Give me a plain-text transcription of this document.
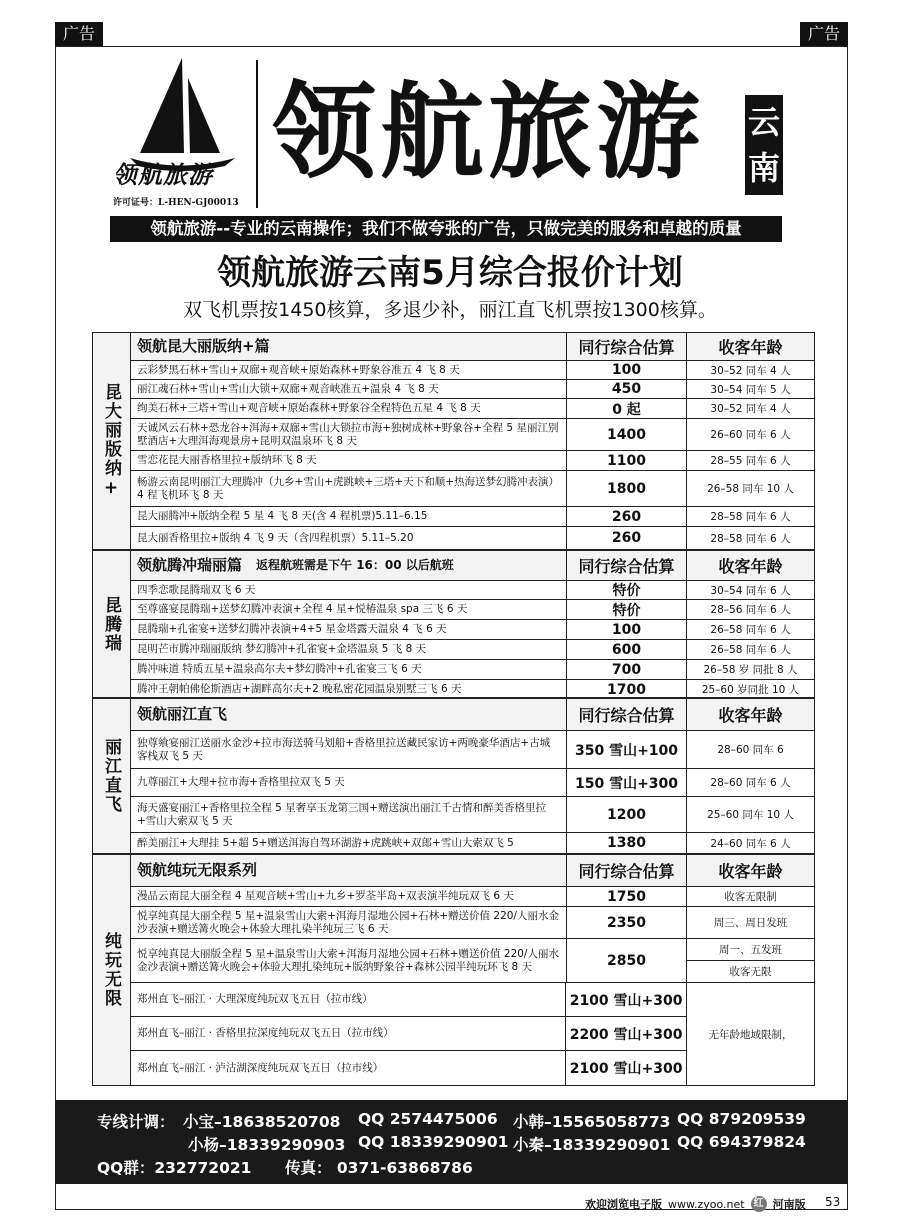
广告	广告
领航旅游
许可证号：L-HEN-GJ00013
领航旅游 云南
领航旅游--专业的云南操作；我们不做夸张的广告，只做完美的服务和卓越的质量
领航旅游云南5月综合报价计划
双飞机票按1450核算，多退少补，丽江直飞机票按1300核算。
昆大丽版纳+
领航昆大丽版纳+篇	同行综合估算	收客年龄
云彩梦黑石林+雪山+双廊+观音峡+原始森林+野象谷准五 4 飞 8 天	100	30–52 同车 4 人
丽江魂石林+雪山+雪山大锁+双廊+观音峡准五+温泉 4 飞 8 天	450	30–54 同车 5 人
绚美石林+三塔+雪山+观音峡+原始森林+野象谷全程特色五星 4 飞 8 天	0 起	30–52 同车 4 人
天诚风云石林+恐龙谷+洱海+双廊+雪山大锁拉市海+独树成林+野象谷+全程 5 星丽江别墅酒店+大理洱海观景房+昆明双温泉环飞 8 天	1400	26–60 同车 6 人
雪恋花昆大丽香格里拉+版纳环飞 8 天	1100	28–55 同车 6 人
畅游云南昆明丽江大理腾冲（九乡+雪山+虎跳峡+三塔+天下和顺+热海送梦幻腾冲表演）4 程飞机环飞 8 天	1800	26–58 同车 10 人
昆大丽腾冲+版纳全程 5 星 4 飞 8 天(含 4 程机票)5.11–6.15	260	28–58 同车 6 人
昆大丽香格里拉+版纳 4 飞 9 天（含四程机票）5.11–5.20	260	28–58 同车 6 人
昆腾瑞
领航腾冲瑞丽篇 返程航班需是下午 16：00 以后航班	同行综合估算	收客年龄
四季恋歌昆腾瑞双飞 6 天	特价	30–54 同车 6 人
至尊盛宴昆腾瑞+送梦幻腾冲表演+全程 4 星+悦椿温泉 spa 三飞 6 天	特价	28–56 同车 6 人
昆腾瑞+孔雀宴+送梦幻腾冲表演+4+5 星金塔露天温泉 4 飞 6 天	100	26–58 同车 6 人
昆明芒市腾冲瑞丽版纳 梦幻腾冲+孔雀宴+金塔温泉 5 飞 8 天	600	26–58 同车 6 人
腾冲味道 特质五星+温泉高尔夫+梦幻腾冲+孔雀宴三飞 6 天	700	26–58 岁 同批 8 人
腾冲王朝帕佛伦斯酒店+湖畔高尔夫+2 晚私密花园温泉别墅三飞 6 天	1700	25–60 岁同批 10 人
丽江直飞
领航丽江直飞	同行综合估算	收客年龄
独尊飨宴丽江送丽水金沙+拉市海送骑马划船+香格里拉送藏民家访+两晚豪华酒店+古城客栈双飞 5 天	350 雪山+100	28–60 同车 6
九尊丽江+大理+拉市海+香格里拉双飞 5 天	150 雪山+300	28–60 同车 6 人
海天盛宴丽江+香格里拉全程 5 星奢享玉龙第三国+赠送演出丽江千古情和醉美香格里拉+雪山大索双飞 5 天	1200	25–60 同车 10 人
醉美丽江+大理挂 5+超 5+赠送洱海自驾环湖游+虎跳峡+双郎+雪山大索双飞 5	1380	24–60 同车 6 人
纯玩无限
领航纯玩无限系列	同行综合估算	收客年龄
漫品云南昆大丽全程 4 星观音峡+雪山+九乡+罗荃半岛+双表演半纯玩双飞 6 天	1750	收客无限制
悦享纯真昆大丽全程 5 星+温泉雪山大索+洱海月湿地公园+石林+赠送价值 220/人丽水金沙表演+赠送篝火晚会+体验大理扎染半纯玩三飞 6 天	2350	周三、周日发班
悦享纯真昆大丽版全程 5 星+温泉雪山大索+洱海月湿地公园+石林+赠送价值 220/人丽水金沙表演+赠送篝火晚会+体验大理扎染纯玩+版纳野象谷+森林公园半纯玩环飞 8 天	2850
周一、五发班
收客无限
郑州直飞–丽江 · 大理深度纯玩双飞五日（拉市线）	2100 雪山+300
郑州直飞–丽江 · 香格里拉深度纯玩双飞五日（拉市线）	2200 雪山+300
郑州直飞–丽江 · 泸沽湖深度纯玩双飞五日（拉市线）	2100 雪山+300
无年龄地域限制，
专线计调： 小宝–18638520708 QQ 2574475006 小韩–15565058773 QQ 879209539
小杨–18339290903 QQ 18339290901 小秦–18339290901 QQ 694379824
QQ群：232772021 传真： 0371-63868786
欢迎浏览电子版 www.zyoo.net 红 河南版 53
